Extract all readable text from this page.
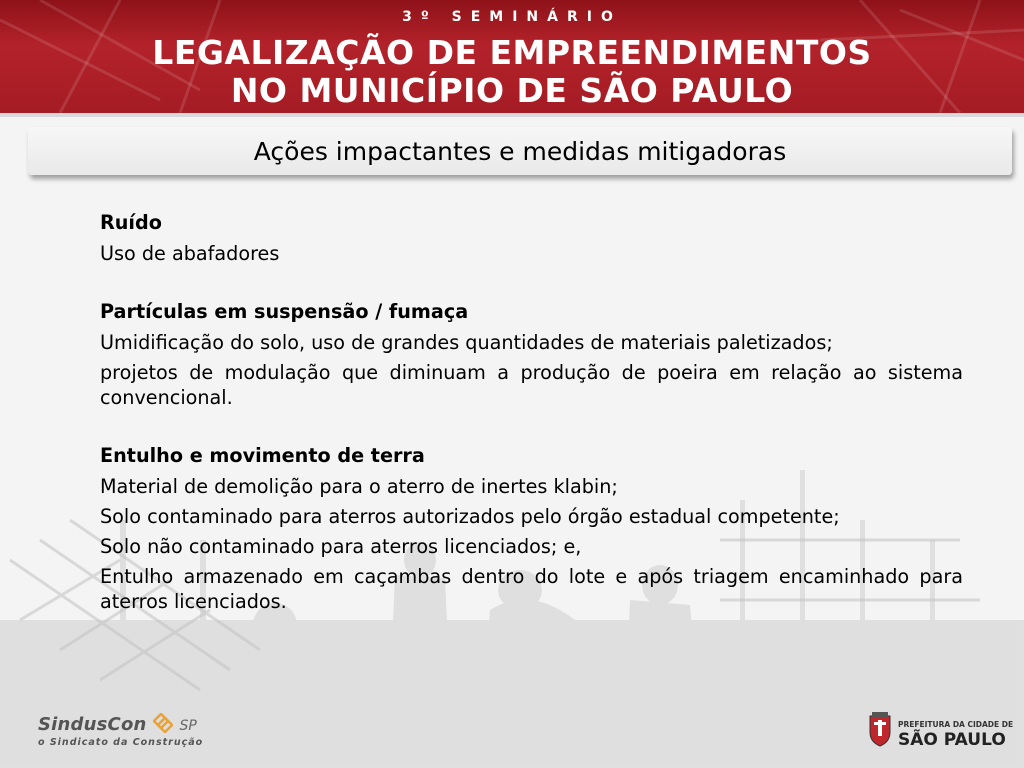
3º SEMINÁRIO
LEGALIZAÇÃO DE EMPREENDIMENTOS
NO MUNICÍPIO DE SÃO PAULO
Ações impactantes e medidas mitigadoras
Ruído
Uso de abafadores
Partículas em suspensão / fumaça
Umidificação do solo, uso de grandes quantidades de materiais paletizados;
projetos de modulação que diminuam a produção de poeira em relação ao sistema convencional.
Entulho e movimento de terra
Material de demolição para o aterro de inertes klabin;
Solo contaminado para aterros autorizados pelo órgão estadual competente;
Solo não contaminado para aterros licenciados; e,
Entulho armazenado em caçambas dentro do lote e após triagem encaminhado para aterros licenciados.
SindusCon SP
o Sindicato da Construção
PREFEITURA DA CIDADE DE
SÃO PAULO
